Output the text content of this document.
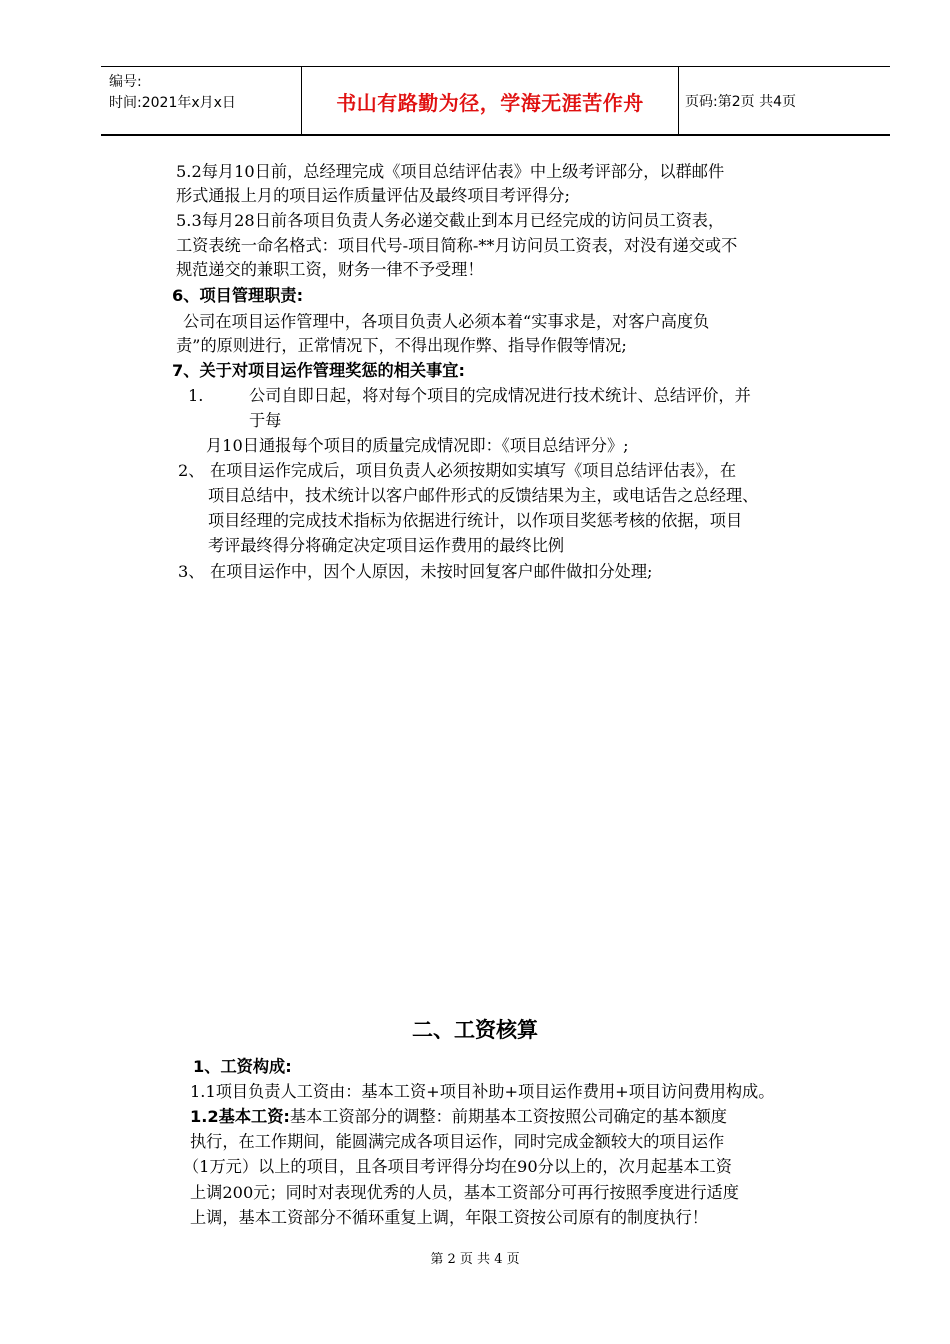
编号:
时间:2021年x月x日	书山有路勤为径，学海无涯苦作舟	页码:第2页 共4页
5.2每月10日前，总经理完成《项目总结评估表》中上级考评部分，以群邮件
形式通报上月的项目运作质量评估及最终项目考评得分;
5.3每月28日前各项目负责人务必递交截止到本月已经完成的访问员工资表，
工资表统一命名格式：项目代号-项目简称-**月访问员工资表，对没有递交或不
规范递交的兼职工资，财务一律不予受理！
6、项目管理职责:
公司在项目运作管理中，各项目负责人必须本着“实事求是，对客户高度负
责”的原则进行，正常情况下，不得出现作弊、指导作假等情况;
7、关于对项目运作管理奖惩的相关事宜:
1.	公司自即日起，将对每个项目的完成情况进行技术统计、总结评价，并
于每
月10日通报每个项目的质量完成情况即：《项目总结评分》;
2、 在项目运作完成后，项目负责人必须按期如实填写《项目总结评估表》，在
项目总结中，技术统计以客户邮件形式的反馈结果为主，或电话告之总经理、
项目经理的完成技术指标为依据进行统计，以作项目奖惩考核的依据，项目
考评最终得分将确定决定项目运作费用的最终比例
3、 在项目运作中，因个人原因，未按时回复客户邮件做扣分处理;
二、工资核算
1、工资构成:
1.1项目负责人工资由：基本工资+项目补助+项目运作费用+项目访问费用构成。
1.2基本工资:基本工资部分的调整：前期基本工资按照公司确定的基本额度
执行，在工作期间，能圆满完成各项目运作，同时完成金额较大的项目运作
（1万元）以上的项目，且各项目考评得分均在90分以上的，次月起基本工资
上调200元；同时对表现优秀的人员，基本工资部分可再行按照季度进行适度
上调，基本工资部分不循环重复上调，年限工资按公司原有的制度执行！
第 2 页 共 4 页
